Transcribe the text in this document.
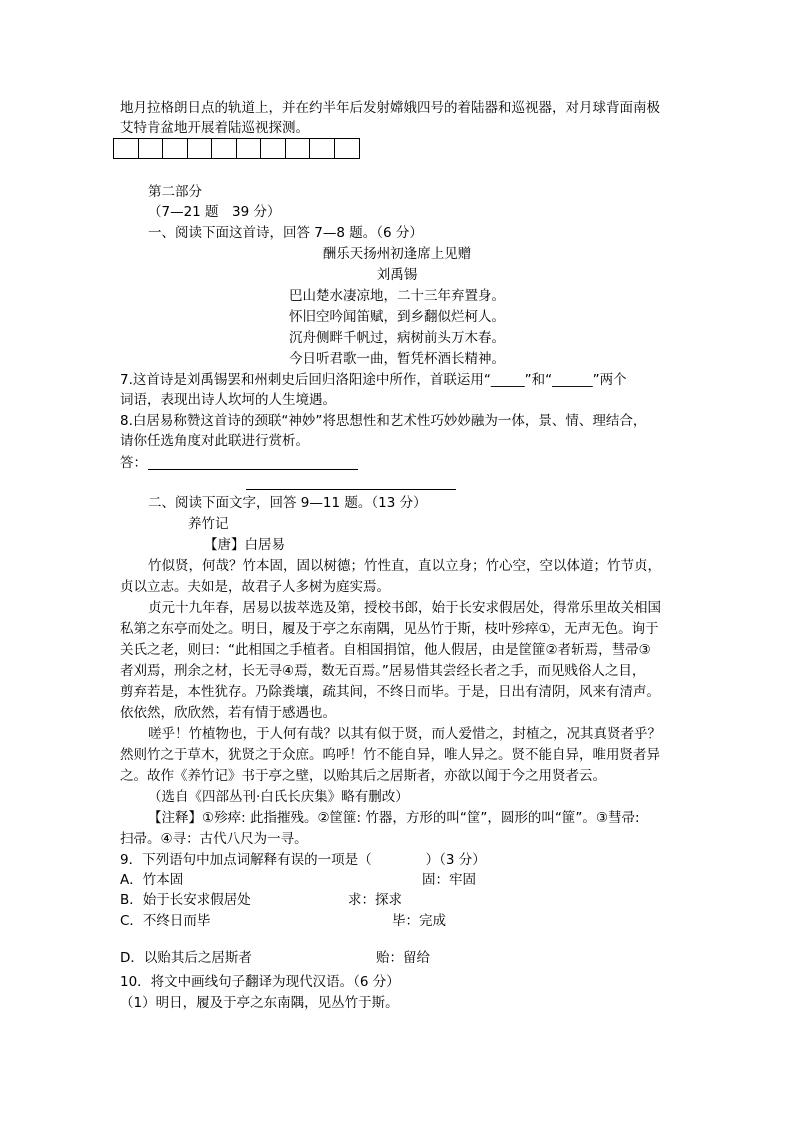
地月拉格朗日点的轨道上，并在约半年后发射嫦娥四号的着陆器和巡视器，对月球背面南极
艾特肯盆地开展着陆巡视探测。
第二部分
（7—21 题　39 分）
一、阅读下面这首诗，回答 7—8 题。（6 分）
酬乐天扬州初逢席上见赠
刘禹锡
巴山楚水凄凉地，二十三年弃置身。
怀旧空吟闻笛赋，到乡翻似烂柯人。
沉舟侧畔千帆过，病树前头万木春。
今日听君歌一曲，暂凭杯酒长精神。
7.这首诗是刘禹锡罢和州刺史后回归洛阳途中所作，首联运用“_____”和“______”两个
词语，表现出诗人坎坷的人生境遇。
8.白居易称赞这首诗的颈联“神妙”将思想性和艺术性巧妙妙融为一体，景、情、理结合，
请你任选角度对此联进行赏析。
答：
二、阅读下面文字，回答 9—11 题。（13 分）
养竹记
【唐】白居易
竹似贤，何哉？竹本固，固以树德；竹性直，直以立身；竹心空，空以体道；竹节贞，
贞以立志。夫如是，故君子人多树为庭实焉。
贞元十九年春，居易以拔萃选及第，授校书郎，始于长安求假居处，得常乐里故关相国
私第之东亭而处之。明日，履及于亭之东南隅，见丛竹于斯，枝叶殄瘁①，无声无色。询于
关氏之老，则曰：“此相国之手植者。自相国捐馆，他人假居，由是筐篚②者斩焉，彗帚③
者刈焉，刑余之材，长无寻④焉，数无百焉。”居易惜其尝经长者之手，而见贱俗人之目，
剪弃若是，本性犹存。乃除粪壤，疏其间，不终日而毕。于是，日出有清阴，风来有清声。
依依然，欣欣然，若有情于感遇也。
嗟乎！竹植物也，于人何有哉？以其有似于贤，而人爱惜之，封植之，况其真贤者乎？
然则竹之于草木，犹贤之于众庶。呜呼！竹不能自异，唯人异之。贤不能自异，唯用贤者异
之。故作《养竹记》书于亭之壁，以贻其后之居斯者，亦欲以闻于今之用贤者云。
（选自《四部丛刊·白氏长庆集》略有删改）
【注释】①殄瘁: 此指摧残。②筐篚: 竹器，方形的叫“筐”，圆形的叫“篚”。③彗帚:
扫帚。④寻：古代八尺为一寻。
9．下列语句中加点词解释有误的一项是（　　　　）（3 分）
A．竹本固	固：牢固
B．始于长安求假居处	求：探求
C．不终日而毕	毕：完成
D．以贻其后之居斯者	贻：留给
10．将文中画线句子翻译为现代汉语。（6 分）
（1）明日，履及于亭之东南隅，见丛竹于斯。
